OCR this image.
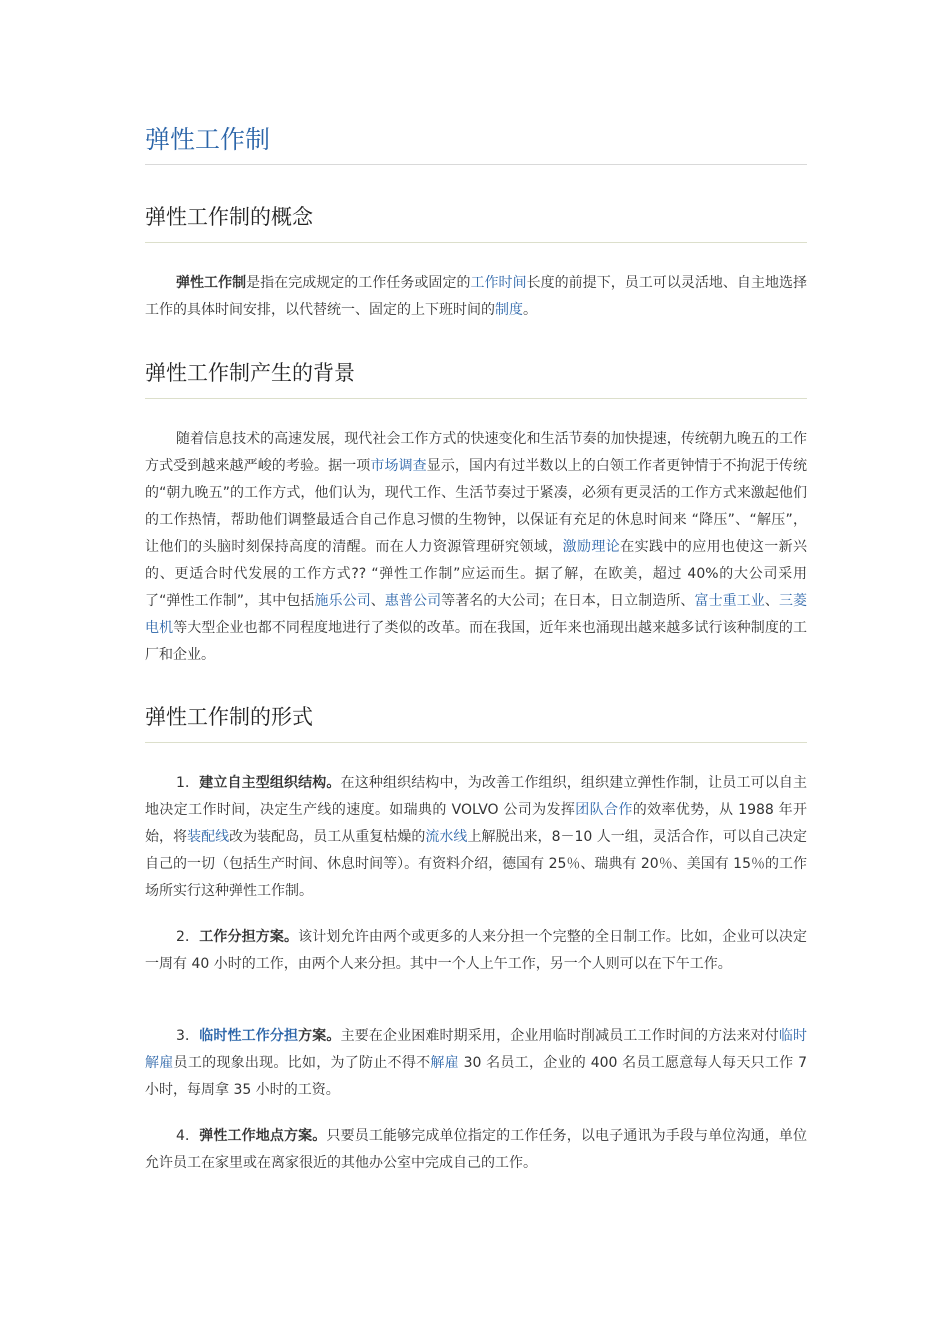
弹性工作制
弹性工作制的概念

弹性工作制是指在完成规定的工作任务或固定的工作时间长度的前提下，员工可以灵活地、自主地选择工作的具体时间安排，以代替统一、固定的上下班时间的制度。

弹性工作制产生的背景

随着信息技术的高速发展，现代社会工作方式的快速变化和生活节奏的加快提速，传统朝九晚五的工作方式受到越来越严峻的考验。据一项市场调查显示，国内有过半数以上的白领工作者更钟情于不拘泥于传统的“朝九晚五”的工作方式，他们认为，现代工作、生活节奏过于紧凑，必须有更灵活的工作方式来激起他们的工作热情，帮助他们调整最适合自己作息习惯的生物钟，以保证有充足的休息时间来 “降压”、“解压”，让他们的头脑时刻保持高度的清醒。而在人力资源管理研究领域，激励理论在实践中的应用也使这一新兴的、更适合时代发展的工作方式?? “弹性工作制”应运而生。据了解，在欧美，超过 40%的大公司采用了“弹性工作制”，其中包括施乐公司、惠普公司等著名的大公司；在日本，日立制造所、富士重工业、三菱电机等大型企业也都不同程度地进行了类似的改革。而在我国，近年来也涌现出越来越多试行该种制度的工厂和企业。

弹性工作制的形式

1．建立自主型组织结构。在这种组织结构中，为改善工作组织，组织建立弹性作制，让员工可以自主地决定工作时间，决定生产线的速度。如瑞典的 VOLVO 公司为发挥团队合作的效率优势，从 1988 年开始，将装配线改为装配岛，员工从重复枯燥的流水线上解脱出来，8－10 人一组，灵活合作，可以自己决定自己的一切（包括生产时间、休息时间等）。有资料介绍，德国有 25％、瑞典有 20％、美国有 15％的工作场所实行这种弹性工作制。

2．工作分担方案。该计划允许由两个或更多的人来分担一个完整的全日制工作。比如，企业可以决定一周有 40 小时的工作，由两个人来分担。其中一个人上午工作，另一个人则可以在下午工作。

3．临时性工作分担方案。主要在企业困难时期采用，企业用临时削减员工工作时间的方法来对付临时解雇员工的现象出现。比如，为了防止不得不解雇 30 名员工，企业的 400 名员工愿意每人每天只工作 7 小时，每周拿 35 小时的工资。

4．弹性工作地点方案。只要员工能够完成单位指定的工作任务，以电子通讯为手段与单位沟通，单位允许员工在家里或在离家很近的其他办公室中完成自己的工作。
